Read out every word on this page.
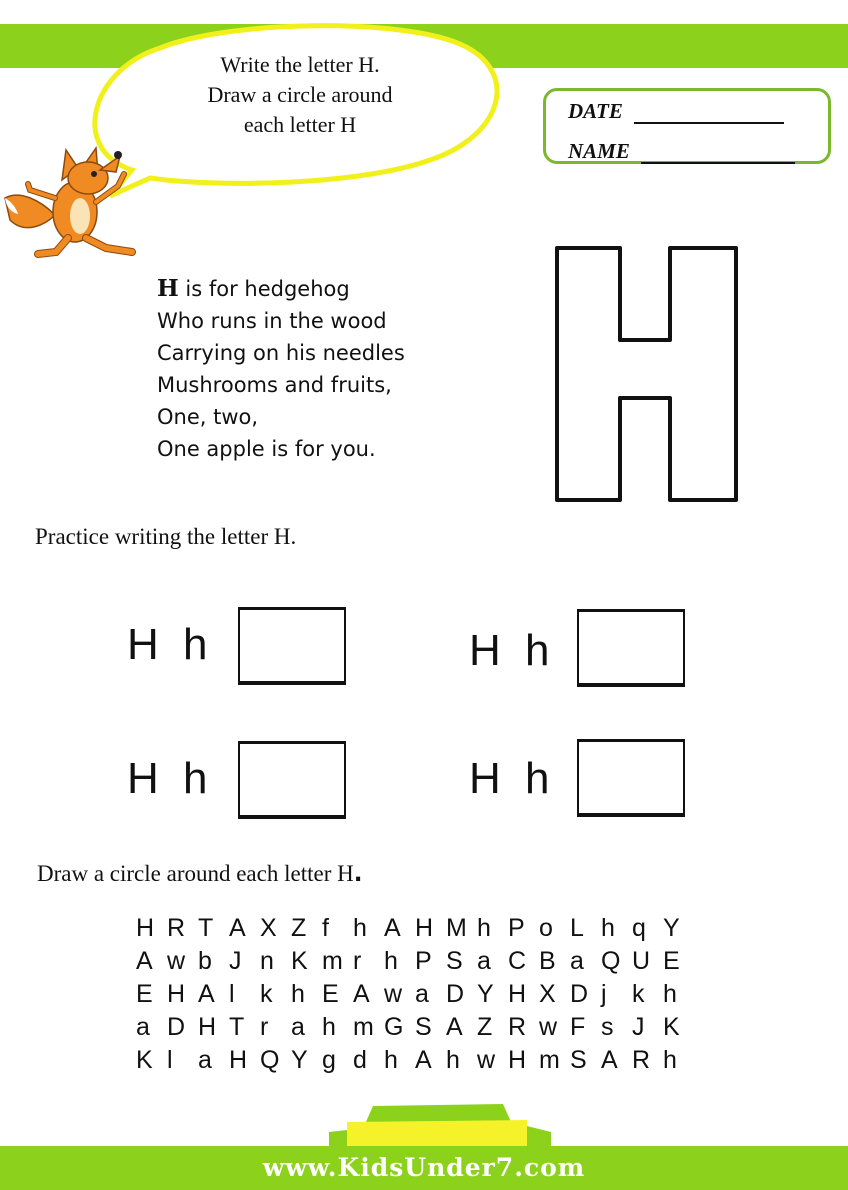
Write the letter H.
Draw a circle around
each letter H
DATE
NAME
H is for hedgehog
Who runs in the wood
Carrying on his needles
Mushrooms and fruits,
One, two,
One apple is for you.
Practice writing the letter H.
H h	H h
H h	H h
Draw a circle around each letter H.
H R T A X Z f h A H M h P o L h q Y
A w b J n K m r h P S a C B a Q U E
E H A l	k h E A w a D Y H X D j	k h
a D H T r a h m G S A Z R w F s J K
K l	a H Q Y g d h A h w H m S A R h
www.KidsUnder7.com
